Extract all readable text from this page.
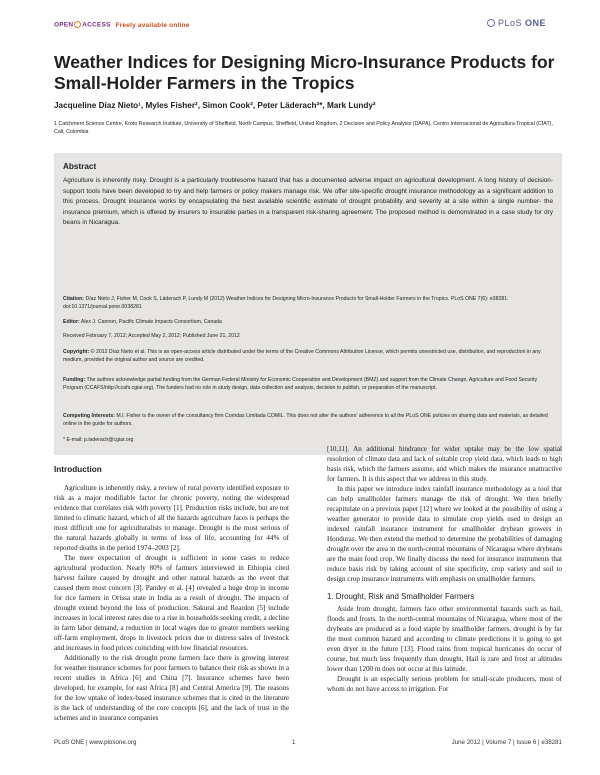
OPEN ACCESS Freely available online	PLoS ONE
Weather Indices for Designing Micro-Insurance Products for Small-Holder Farmers in the Tropics
Jacqueline Díaz Nieto¹, Myles Fisher², Simon Cook², Peter Läderach²*, Mark Lundy²
1 Catchment Science Centre, Kroto Research Institute, University of Sheffield, North Campus, Sheffield, United Kingdom, 2 Decision and Policy Analysis (DAPA), Centro Internacional de Agricultura Tropical (CIAT), Cali, Colombia
Abstract
Agriculture is inherently risky. Drought is a particularly troublesome hazard that has a documented adverse impact on agricultural development. A long history of decision-support tools have been developed to try and help farmers or policy makers manage risk. We offer site-specific drought insurance methodology as a significant addition to this process. Drought insurance works by encapsulating the best available scientific estimate of drought probability and severity at a site within a single number- the insurance premium, which is offered by insurers to insurable parties in a transparent risk-sharing agreement. The proposed method is demonstrated in a case study for dry beans in Nicaragua.
Citation: Díaz Nieto J, Fisher M, Cook S, Läderach P, Lundy M (2012) Weather Indices for Designing Micro-Insurance Products for Small-Holder Farmers in the Tropics. PLoS ONE 7(6): e38281. doi:10.1371/journal.pone.0038281
Editor: Alex J. Cannon, Pacific Climate Impacts Consortium, Canada
Received February 7, 2012; Accepted May 2, 2012; Published June 21, 2012
Copyright: © 2012 Díaz Nieto et al. This is an open-access article distributed under the terms of the Creative Commons Attribution License, which permits unrestricted use, distribution, and reproduction in any medium, provided the original author and source are credited.
Funding: The authors acknowledge partial funding from the German Federal Ministry for Economic Cooperation and Development (BMZ) and support from the Climate Change, Agriculture and Food Security Program (CCAFS/http://ccafs.cgiar.org). The funders had no role in study design, data collection and analysis, decision to publish, or preparation of the manuscript.
Competing Interests: M.I. Fisher is the owner of the consultancy firm Corridas Limitada COMIL. This does not alter the authors' adherence to all the PLoS ONE policies on sharing data and materials, as detailed online in the guide for authors.
* E-mail: p.laderach@cgiar.org
Introduction

Agriculture is inherently risky, a review of rural poverty identified exposure to risk as a major modifiable factor for chronic poverty, noting the widespread evidence that correlates risk with poverty [1]. Production risks include, but are not limited to climatic hazard, which of all the hazards agriculture faces is perhaps the most difficult one for agriculturalists to manage. Drought is the most serious of the natural hazards globally in terms of loss of life, accounting for 44% of reported deaths in the period 1974–2003 [2].

The mere expectation of drought is sufficient in some cases to reduce agricultural production. Nearly 80% of farmers interviewed in Ethiopia cited harvest failure caused by drought and other natural hazards as the event that caused them most concern [3]. Pandey et al. [4] revealed a huge drop in income for rice farmers in Orissa state in India as a result of drought. The impacts of drought extend beyond the loss of production. Sakurai and Reardon [5] include increases in local interest rates due to a rise in households seeking credit, a decline in farm labor demand, a reduction in local wages due to greater numbers seeking off-farm employment, drops in livestock prices due to distress sales of livestock and increases in food prices coinciding with low financial resources.

Additionally to the risk drought prone farmers face there is growing interest for weather insurance schemes for poor farmers to balance their risk as shown in a recent studies in Africa [6] and China [7]. Insurance schemes have been developed, for example, for east Africa [8] and Central America [9]. The reasons for the low uptake of index-based insurance schemes that is cited in the literature is the lack of understanding of the core concepts [6], and the lack of trust in the schemes and in insurance companies

[10,11]. An additional hindrance for wider uptake may be the low spatial resolution of climate data and lack of suitable crop yield data, which leads to high basis risk, which the farmers assume, and which makes the insurance unattractive for farmers. It is this aspect that we address in this study.

In this paper we introduce index rainfall insurance methodology as a tool that can help smallholder farmers manage the risk of drought. We then briefly recapitulate on a previous paper [12] where we looked at the possibility of using a weather generator to provide data to simulate crop yields used to design an indexed rainfall insurance instrument for smallholder drybean growers in Honduras. We then extend the method to determine the probabilities of damaging drought over the area in the north-central mountains of Nicaragua where drybeans are the main food crop. We finally discuss the need for insurance instruments that reduce basis risk by taking account of site specificity, crop variety and soil to design crop insurance instruments with emphasis on smallholder farmers.

1. Drought, Risk and Smallholder Farmers

Aside from drought, farmers face other environmental hazards such as hail, floods and frosts. In the north-central mountains of Nicaragua, where most of the drybeans are produced as a food staple by smallholder farmers, drought is by far the most common hazard and according to climate predictions it is going to get even dryer in the future [13]. Flood rains from tropical hurricanes do occur of course, but much less frequently than drought. Hail is rare and frost at altitudes lower than 1200 m does not occur at this latitude.

Drought is an especially serious problem for small-scale producers, most of whom do not have access to irrigation. For

PLoS ONE | www.plosone.org	1	June 2012 | Volume 7 | Issue 6 | e38281
